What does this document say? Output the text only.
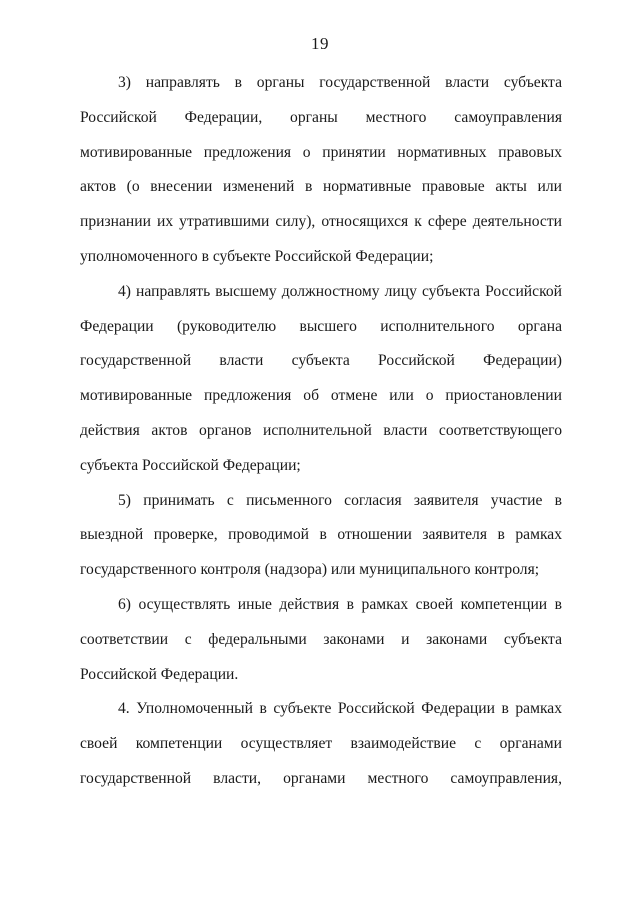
19

3) направлять в органы государственной власти субъекта Российской Федерации, органы местного самоуправления мотивированные предложения о принятии нормативных правовых актов (о внесении изменений в нормативные правовые акты или признании их утратившими силу), относящихся к сфере деятельности уполномоченного в субъекте Российской Федерации;

4) направлять высшему должностному лицу субъекта Российской Федерации (руководителю высшего исполнительного органа государственной власти субъекта Российской Федерации) мотивированные предложения об отмене или о приостановлении действия актов органов исполнительной власти соответствующего субъекта Российской Федерации;

5) принимать с письменного согласия заявителя участие в выездной проверке, проводимой в отношении заявителя в рамках государственного контроля (надзора) или муниципального контроля;

6) осуществлять иные действия в рамках своей компетенции в соответствии с федеральными законами и законами субъекта Российской Федерации.

4. Уполномоченный в субъекте Российской Федерации в рамках своей компетенции осуществляет взаимодействие с органами государственной власти, органами местного самоуправления,
